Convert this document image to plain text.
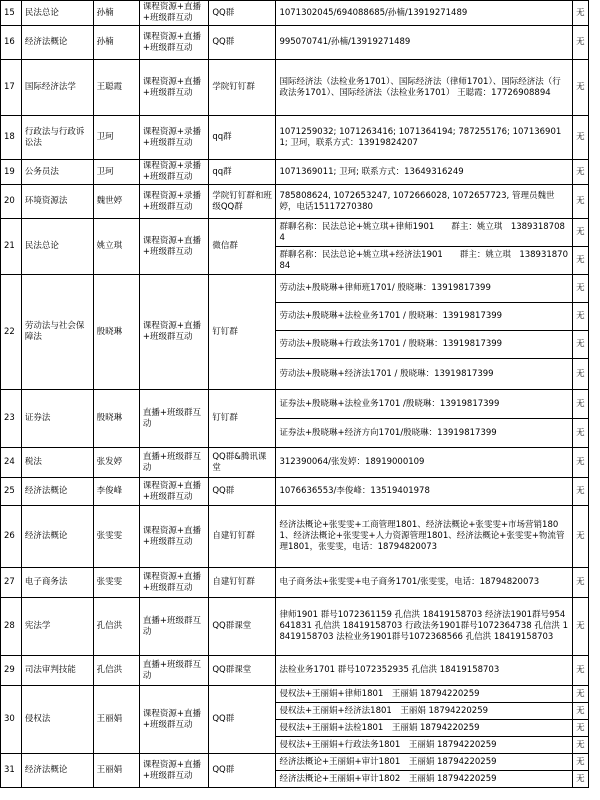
15	民法总论	孙楠	课程资源+直播+班级群互动	QQ群	1071302045/694088685/孙楠/13919271489	无
16	经济法概论	孙楠	课程资源+直播+班级群互动	QQ群	995070741/孙楠/13919271489	无
17	国际经济法学	王聪霞	课程资源+直播+班级群互动	学院钉钉群	国际经济法（法检业务1701）、国际经济法（律师1701）、国际经济法（行政法务1701）、国际经济法（法检业务1701） 王聪霞：17726908894	无
18	行政法与行政诉讼法	卫珂	课程资源+录播+班级群互动	qq群	1071259032; 1071263416; 1071364194; 787255176; 1071369011; 卫珂，联系方式：13919824207	无
19	公务员法	卫珂	课程资源+录播+班级群互动	qq群	1071369011; 卫珂; 联系方式：13649316249	无
20	环境资源法	魏世婷	课程资源+录播+班级群互动	学院钉钉群和班级QQ群	785808624, 1072653247, 1072666028, 1072657723, 管理员魏世婷，电话15117270380	无
21	民法总论	姚立琪	课程资源+直播+班级群互动	微信群	群聊名称：民法总论+姚立琪+律师1901　　群主：姚立琪　13893187084	无
					群聊名称：民法总论+姚立琪+经济法1901　　群主：姚立琪　13893187084	无
22	劳动法与社会保障法	殷晓琳	课程资源+直播+班级群互动	钉钉群	劳动法+殷晓琳+律师班1701/ 殷晓琳：13919817399	无
					劳动法+殷晓琳+法检业务1701 / 殷晓琳：13919817399	无
					劳动法+殷晓琳+行政法务1701 / 殷晓琳：13919817399	无
					劳动法+殷晓琳+经济法1701 / 殷晓琳：13919817399	无
23	证券法	殷晓琳	直播+班级群互动	钉钉群	证券法+殷晓琳+法检业务1701 /殷晓琳：13919817399	无
					证券法+殷晓琳+经济方向1701/殷晓琳：13919817399	无
24	税法	张发婷	直播+班级群互动	QQ群&腾讯课堂	312390064/张发婷：18919000109	无
25	经济法概论	李俊峰	课程资源+直播+班级群互动	QQ群	1076636553/李俊峰：13519401978	无
26	经济法概论	张雯雯	课程资源+直播+班级群互动	自建钉钉群	经济法概论+张雯雯+工商管理1801、经济法概论+张雯雯+市场营销1801、经济法概论+张雯雯+人力资源管理1801、经济法概论+张雯雯+物流管理1801，张雯雯，电话：18794820073	无
27	电子商务法	张雯雯	课程资源+直播+班级群互动	自建钉钉群	电子商务法+张雯雯+电子商务1701/张雯雯，电话：18794820073	无
28	宪法学	孔信洪	直播+班级群互动	QQ群课堂	律师1901 群号1072361159 孔信洪 18419158703 经济法1901群号954641831 孔信洪 18419158703 行政法务1901群号1072364738 孔信洪 18419158703 法检业务1901群号1072368566 孔信洪 18419158703	无
29	司法审判技能	孔信洪	直播+班级群互动	QQ群课堂	法检业务1701 群号1072352935 孔信洪 18419158703	无
30	侵权法	王丽娟	课程资源+直播+班级群互动	QQ群	侵权法+王丽娟+律师1801　王丽娟 18794220259	无
					侵权法+王丽娟+经济法1801　王丽娟 18794220259	无
					侵权法+王丽娟+法检1801　王丽娟 18794220259	无
					侵权法+王丽娟+行政法务1801　王丽娟 18794220259	无
31	经济法概论	王丽娟	课程资源+直播+班级群互动	QQ群	经济法概论+王丽娟+审计1801　王丽娟 18794220259	无
					经济法概论+王丽娟+审计1802　王丽娟 18794220259	无
